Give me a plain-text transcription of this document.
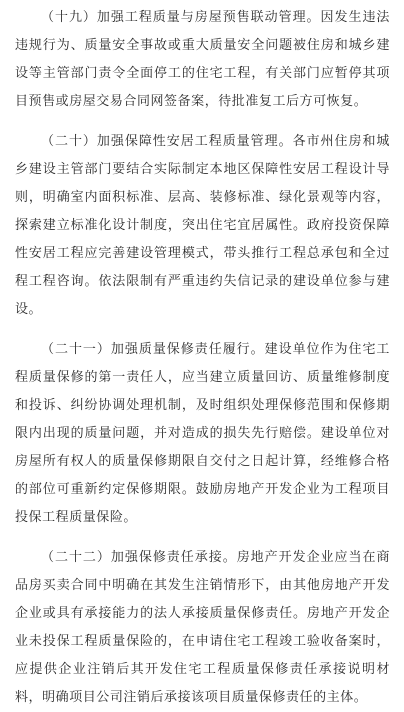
（十九）加强工程质量与房屋预售联动管理。因发生违法违规行为、质量安全事故或重大质量安全问题被住房和城乡建设等主管部门责令全面停工的住宅工程，有关部门应暂停其项目预售或房屋交易合同网签备案，待批准复工后方可恢复。

（二十）加强保障性安居工程质量管理。各市州住房和城乡建设主管部门要结合实际制定本地区保障性安居工程设计导则，明确室内面积标准、层高、装修标准、绿化景观等内容，探索建立标准化设计制度，突出住宅宜居属性。政府投资保障性安居工程应完善建设管理模式，带头推行工程总承包和全过程工程咨询。依法限制有严重违约失信记录的建设单位参与建设。

（二十一）加强质量保修责任履行。建设单位作为住宅工程质量保修的第一责任人，应当建立质量回访、质量维修制度和投诉、纠纷协调处理机制，及时组织处理保修范围和保修期限内出现的质量问题，并对造成的损失先行赔偿。建设单位对房屋所有权人的质量保修期限自交付之日起计算，经维修合格的部位可重新约定保修期限。鼓励房地产开发企业为工程项目投保工程质量保险。

（二十二）加强保修责任承接。房地产开发企业应当在商品房买卖合同中明确在其发生注销情形下，由其他房地产开发企业或具有承接能力的法人承接质量保修责任。房地产开发企业未投保工程质量保险的，在申请住宅工程竣工验收备案时，应提供企业注销后其开发住宅工程质量保修责任承接说明材料，明确项目公司注销后承接该项目质量保修责任的主体。
